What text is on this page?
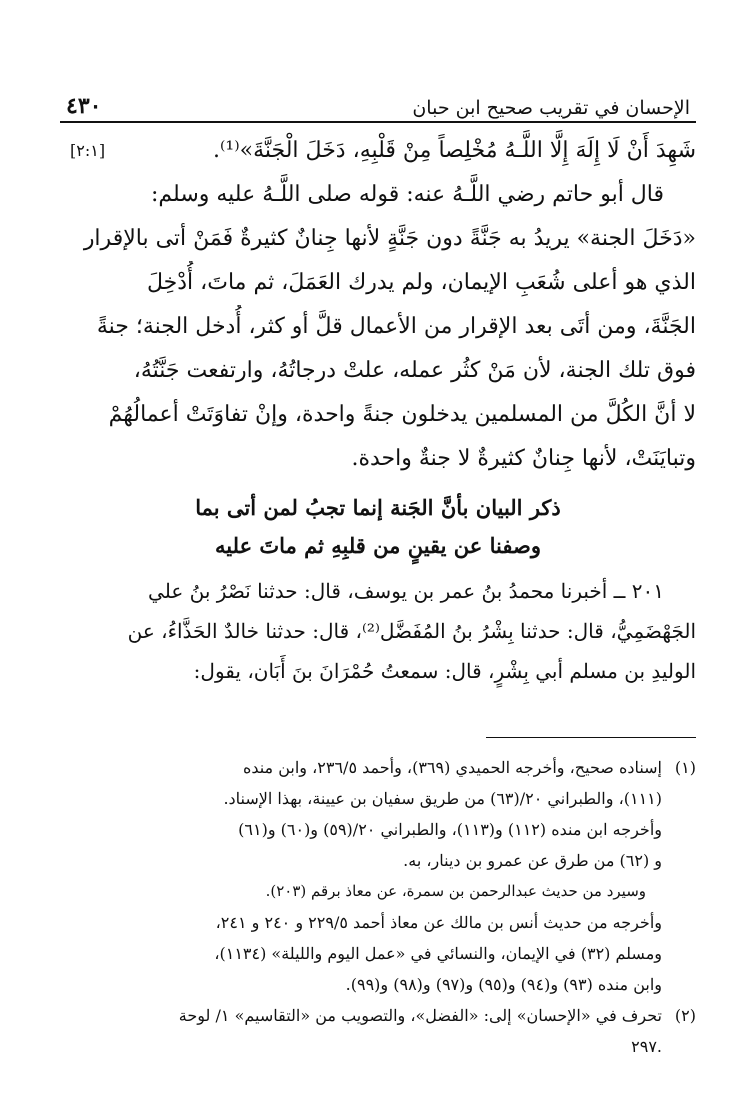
الإحسان في تقريب صحيح ابن حبان
٤٣٠
شَهِدَ أَنْ لَا إِلَهَ إِلَّا اللَّـهُ مُخْلِصاً مِنْ قَلْبِهِ، دَخَلَ الْجَنَّةَ»⁽¹⁾.
[٢:١]
قال أبو حاتم رضي اللَّـهُ عنه: قوله صلى اللَّـهُ عليه وسلم:
«دَخَلَ الجنة» يريدُ به جَنَّةً دون جَنَّةٍ لأنها جِنانٌ كثيرةٌ فَمَنْ أتى بالإقرار
الذي هو أعلى شُعَبِ الإيمان، ولم يدرك العَمَلَ، ثم ماتَ، أُدْخِلَ
الجَنَّةَ، ومن أتَى بعد الإقرار من الأعمال قلَّ أو كثر، أُدخل الجنة؛ جنةً
فوق تلك الجنة، لأن مَنْ كثُر عمله، علتْ درجاتُهُ، وارتفعت جَنَّتُهُ،
لا أنَّ الكُلَّ من المسلمين يدخلون جنةً واحدة، وإنْ تفاوَتَتْ أعمالُهُمْ
وتبايَنَتْ، لأنها جِنانٌ كثيرةٌ لا جنةٌ واحدة.
ذكر البيان بأنَّ الجَنة إنما تجبُ لمن أتى بما
وصفنا عن يقينٍ من قلبِهِ ثم ماتَ عليه
٢٠١ ــ أخبرنا محمدُ بنُ عمر بن يوسف، قال: حدثنا نَصْرُ بنُ علي
الجَهْضَمِيُّ، قال: حدثنا بِشْرُ بنُ المُفَضَّل⁽²⁾، قال: حدثنا خالدٌ الحَذَّاءُ، عن
الوليدِ بن مسلم أبي بِشْرٍ، قال: سمعتُ حُمْرَانَ بنَ أَبَان، يقول:
(١)
إسناده صحيح، وأخرجه الحميدي (٣٦٩)، وأحمد ٢٣٦/٥، وابن منده
(١١١)، والطبراني ٢٠/(٦٣) من طريق سفيان بن عيينة، بهذا الإسناد.
وأخرجه ابن منده (١١٢) و(١١٣)، والطبراني ٢٠/(٥٩) و(٦٠) و(٦١)
و (٦٢) من طرق عن عمرو بن دينار، به.
وسيرد من حديث عبدالرحمن بن سمرة، عن معاذ برقم (٢٠٣).
وأخرجه من حديث أنس بن مالك عن معاذ أحمد ٢٢٩/٥ و ٢٤٠ و ٢٤١،
ومسلم (٣٢) في الإيمان، والنسائي في «عمل اليوم والليلة» (١١٣٤)،
وابن منده (٩٣) و(٩٤) و(٩٥) و(٩٧) و(٩٨) و(٩٩).
(٢)
تحرف في «الإحسان» إلى: «الفضل»، والتصويب من «التقاسيم» ١/ لوحة
.٢٩٧
